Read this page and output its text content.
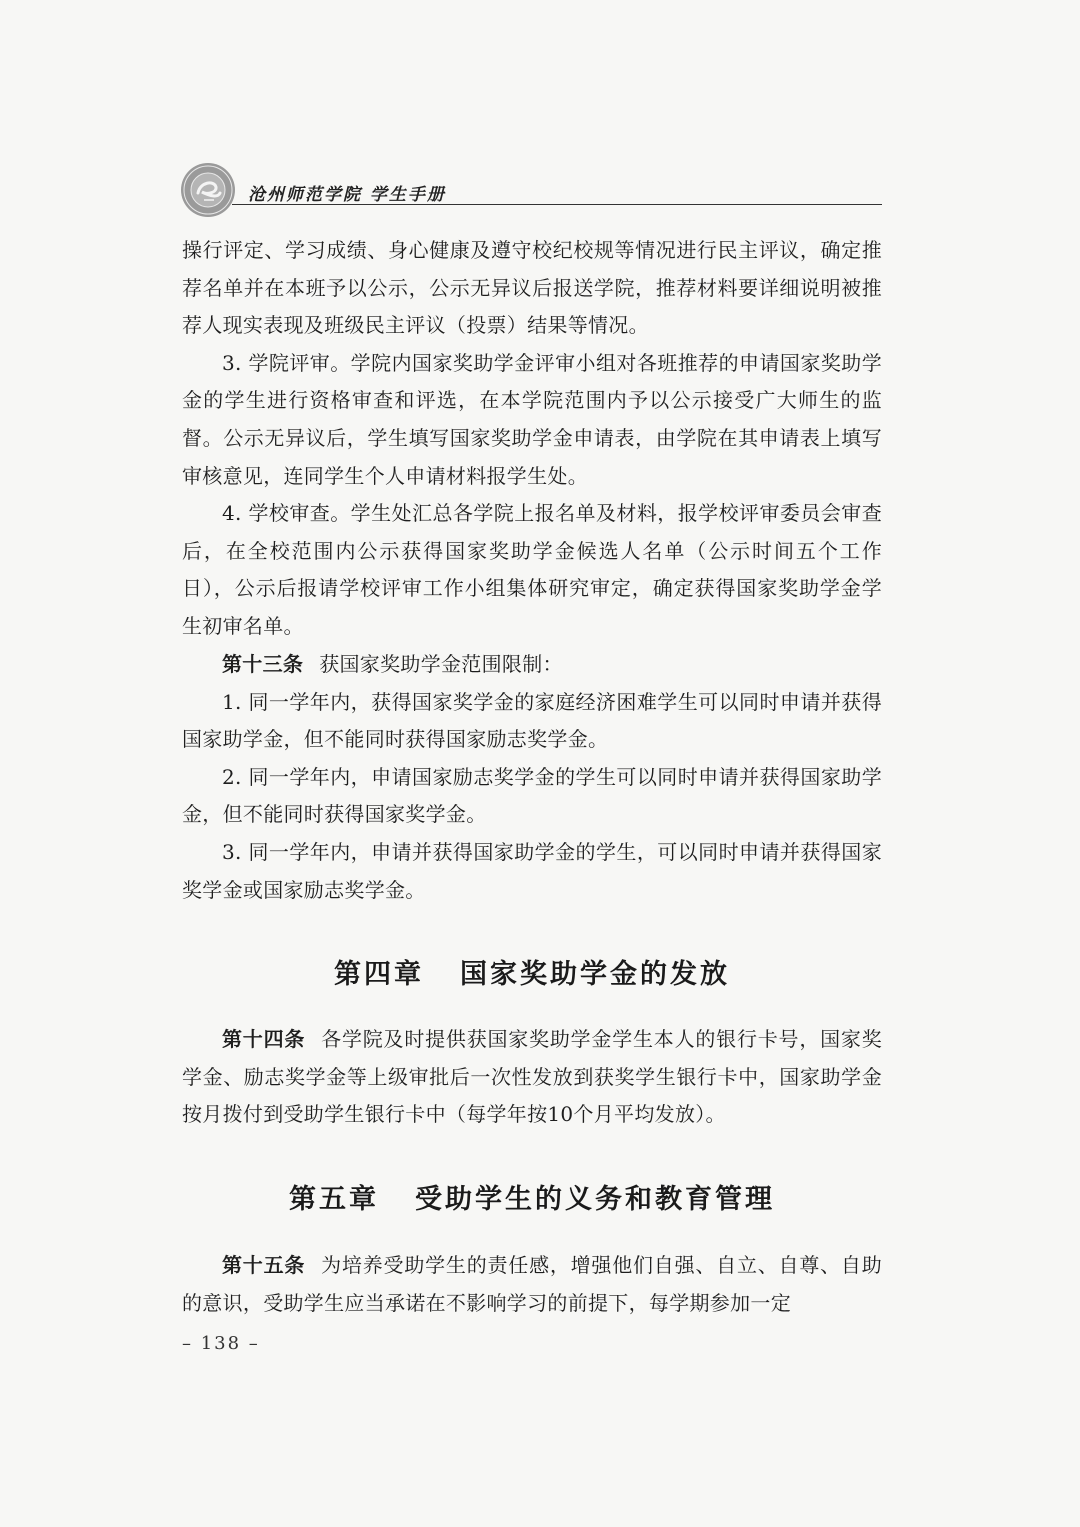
沧州师范学院 学生手册

操行评定、学习成绩、身心健康及遵守校纪校规等情况进行民主评议，确定推荐名单并在本班予以公示，公示无异议后报送学院，推荐材料要详细说明被推荐人现实表现及班级民主评议（投票）结果等情况。

3. 学院评审。学院内国家奖助学金评审小组对各班推荐的申请国家奖助学金的学生进行资格审查和评选，在本学院范围内予以公示接受广大师生的监督。公示无异议后，学生填写国家奖助学金申请表，由学院在其申请表上填写审核意见，连同学生个人申请材料报学生处。

4. 学校审查。学生处汇总各学院上报名单及材料，报学校评审委员会审查后，在全校范围内公示获得国家奖助学金候选人名单（公示时间五个工作日），公示后报请学校评审工作小组集体研究审定，确定获得国家奖助学金学生初审名单。

第十三条 获国家奖助学金范围限制：

1. 同一学年内，获得国家奖学金的家庭经济困难学生可以同时申请并获得国家助学金，但不能同时获得国家励志奖学金。

2. 同一学年内，申请国家励志奖学金的学生可以同时申请并获得国家助学金，但不能同时获得国家奖学金。

3. 同一学年内，申请并获得国家助学金的学生，可以同时申请并获得国家奖学金或国家励志奖学金。

第四章 国家奖助学金的发放

第十四条 各学院及时提供获国家奖助学金学生本人的银行卡号，国家奖学金、励志奖学金等上级审批后一次性发放到获奖学生银行卡中，国家助学金按月拨付到受助学生银行卡中（每学年按10个月平均发放）。

第五章 受助学生的义务和教育管理

第十五条 为培养受助学生的责任感，增强他们自强、自立、自尊、自助的意识，受助学生应当承诺在不影响学习的前提下，每学期参加一定

– 138 –
